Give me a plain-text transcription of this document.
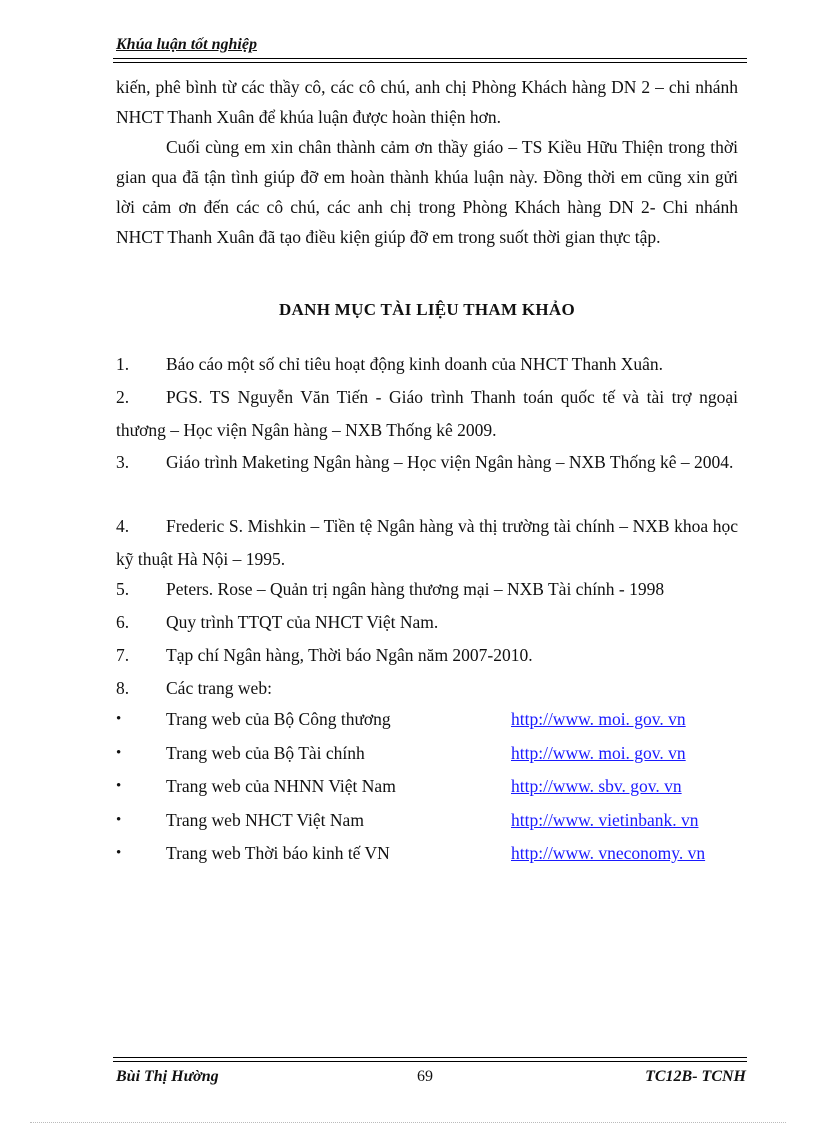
Khúa luận tốt nghiệp
kiến, phê bình từ các thầy cô, các cô chú, anh chị Phòng Khách hàng DN 2 – chi nhánh NHCT Thanh Xuân để khúa luận được hoàn thiện hơn.
Cuối cùng em xin chân thành cảm ơn thầy giáo – TS Kiều Hữu Thiện trong thời gian qua đã tận tình giúp đỡ em hoàn thành khúa luận này. Đồng thời em cũng xin gửi lời cảm ơn đến các cô chú, các anh chị trong Phòng Khách hàng DN 2- Chi nhánh NHCT Thanh Xuân đã tạo điều kiện giúp đỡ em trong suốt thời gian thực tập.
DANH MỤC TÀI LIỆU THAM KHẢO
1.	Báo cáo một số chỉ tiêu hoạt động kinh doanh của NHCT Thanh Xuân.
2.	PGS. TS Nguyễn Văn Tiến - Giáo trình Thanh toán quốc tế và tài trợ ngoại thương – Học viện Ngân hàng – NXB Thống kê 2009.
3.	Giáo trình Maketing Ngân hàng – Học viện Ngân hàng – NXB Thống kê – 2004.
4.	Frederic S. Mishkin – Tiền tệ Ngân hàng và thị trường tài chính – NXB khoa học kỹ thuật Hà Nội – 1995.
5.	Peters. Rose – Quản trị ngân hàng thương mại – NXB Tài chính - 1998
6.	Quy trình TTQT của NHCT Việt Nam.
7.	Tạp chí Ngân hàng, Thời báo Ngân năm 2007-2010.
8.	Các trang web:
•	Trang web của Bộ Công thương	http://www. moi. gov. vn
•	Trang web của Bộ Tài chính	http://www. moi. gov. vn
•	Trang web của NHNN Việt Nam	http://www. sbv. gov. vn
•	Trang web NHCT Việt Nam	http://www. vietinbank. vn
•	Trang web Thời báo kinh tế VN	http://www. vneconomy. vn
Bùi Thị Hường	69	TC12B- TCNH
